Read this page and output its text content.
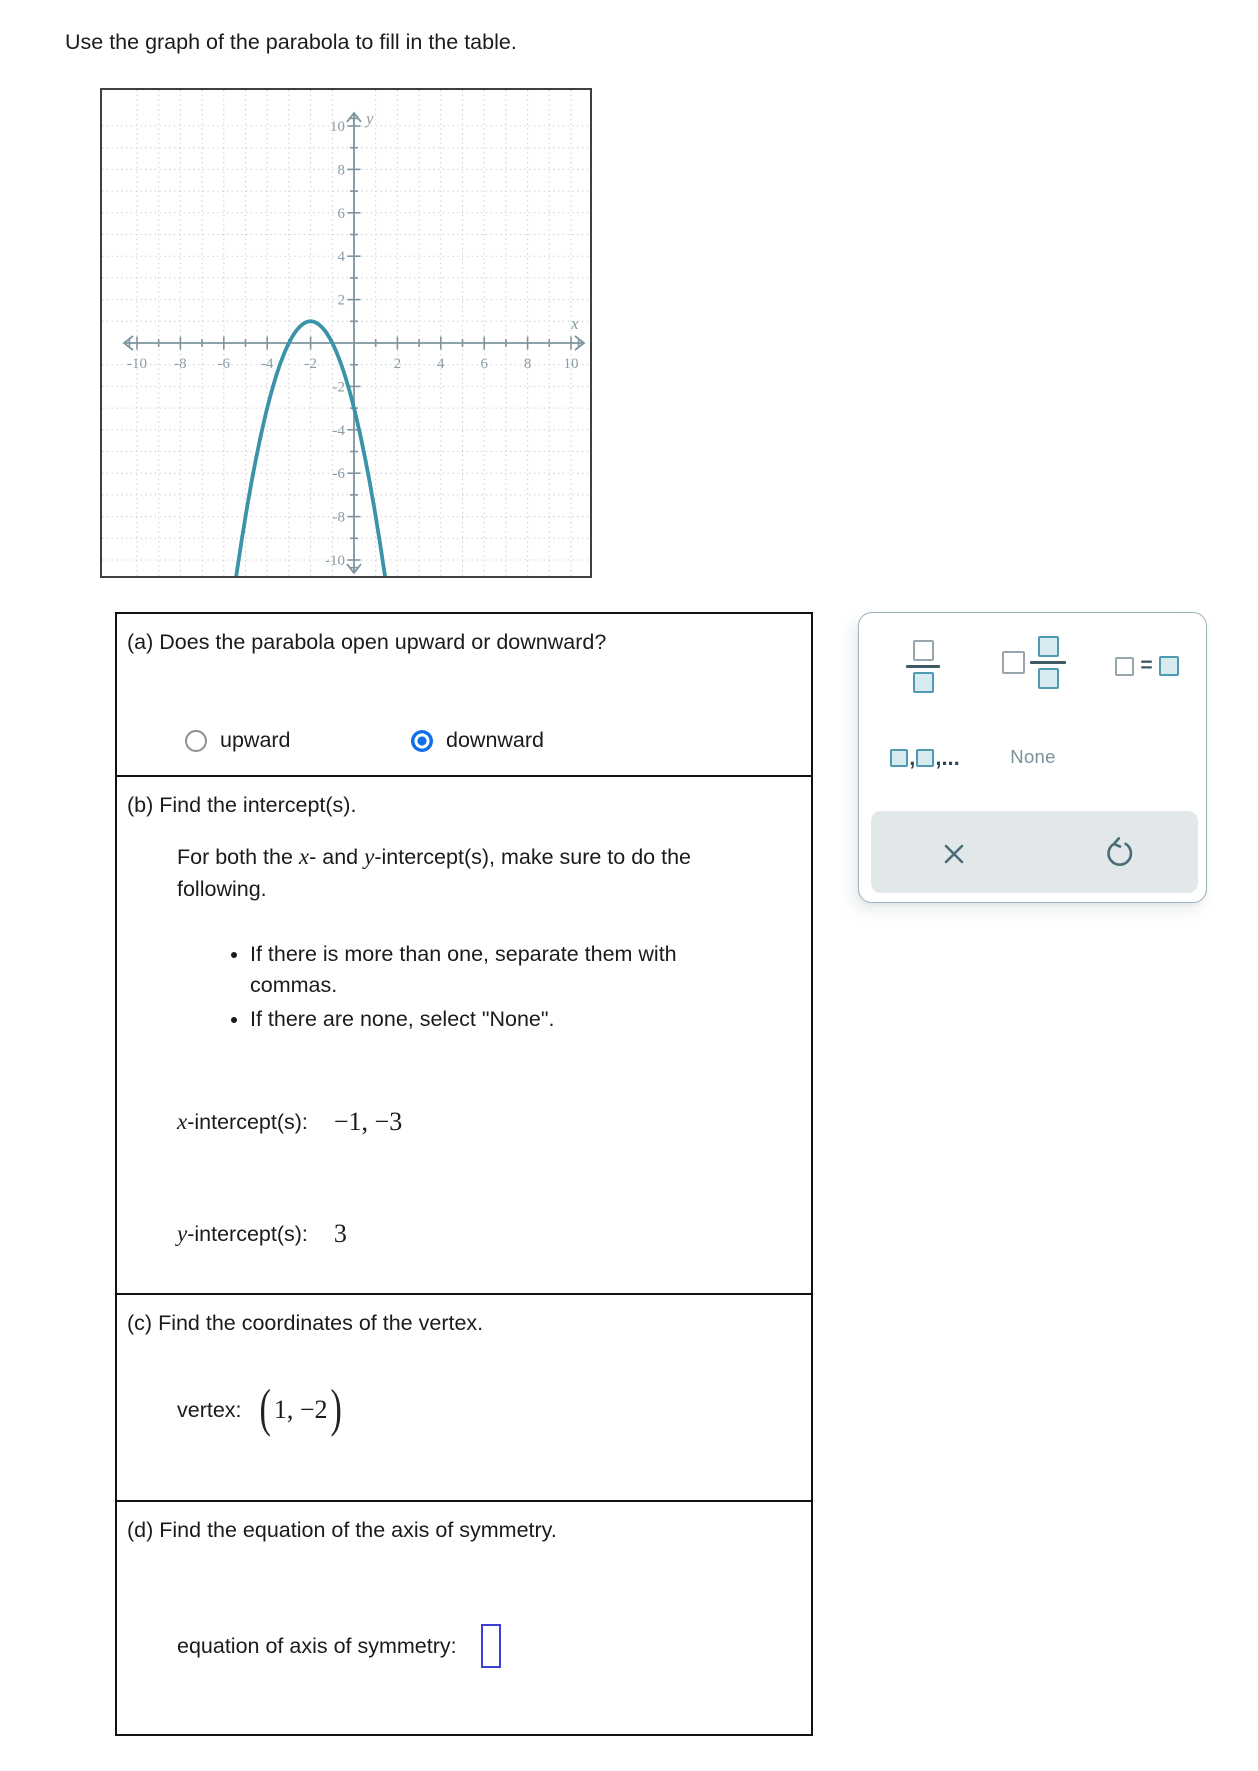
Use the graph of the parabola to fill in the table.
-10 -8 -6 -4 -2	2 4 6 8 10
10
8
6
4
2
-2
-4
-6
-8
-10
y
x
(a) Does the parabola open upward or downward?
upward	downward
(b) Find the intercept(s).
For both the x- and y-intercept(s), make sure to do the following.
• If there is more than one, separate them with commas.
• If there are none, select "None".
x-intercept(s): −1, −3
y-intercept(s): 3
(c) Find the coordinates of the vertex.
vertex: ( 1, −2 )
(d) Find the equation of the axis of symmetry.
equation of axis of symmetry:
=
, ,...	None
